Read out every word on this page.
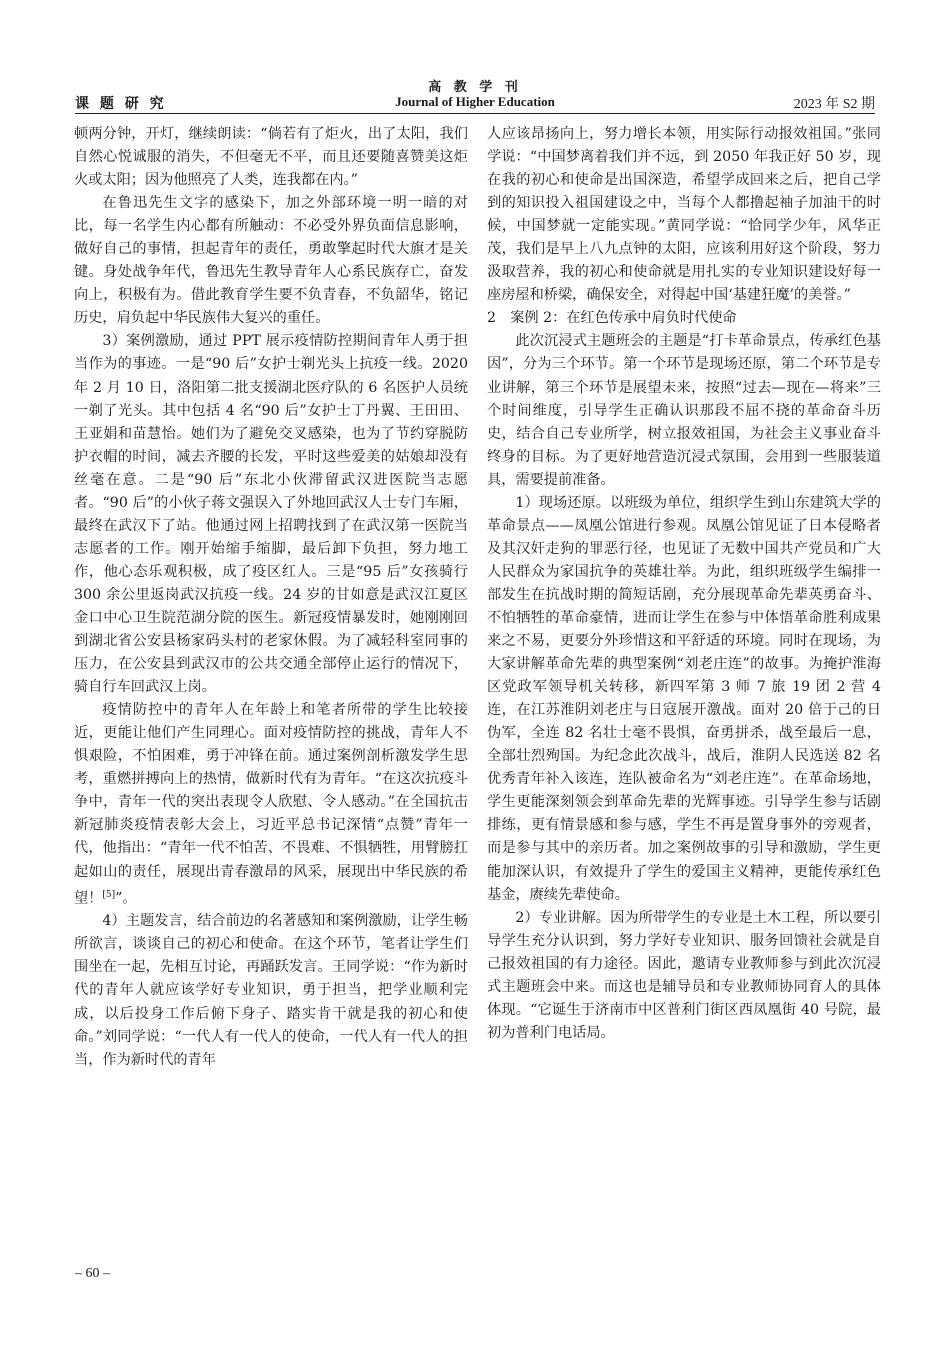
高 教 学 刊
课 题 研 究	Journal of Higher Education	2023 年 S2 期

顿两分钟，开灯，继续朗读：“倘若有了炬火，出了太阳，我们自然心悦诚服的消失，不但毫无不平，而且还要随喜赞美这炬火或太阳；因为他照亮了人类，连我都在内。”

在鲁迅先生文字的感染下，加之外部环境一明一暗的对比，每一名学生内心都有所触动：不必受外界负面信息影响，做好自己的事情，担起青年的责任，勇敢擎起时代大旗才是关键。身处战争年代，鲁迅先生教导青年人心系民族存亡，奋发向上，积极有为。借此教育学生要不负青春，不负韶华，铭记历史，肩负起中华民族伟大复兴的重任。

3）案例激励，通过 PPT 展示疫情防控期间青年人勇于担当作为的事迹。一是“90 后”女护士剃光头上抗疫一线。2020 年 2 月 10 日，洛阳第二批支援湖北医疗队的 6 名医护人员统一剃了光头。其中包括 4 名“90 后”女护士丁丹翼、王田田、王亚娟和苗慧怡。她们为了避免交叉感染，也为了节约穿脱防护衣帽的时间，减去齐腰的长发，平时这些爱美的姑娘却没有丝毫在意。二是“90 后”东北小伙滞留武汉进医院当志愿者。“90 后”的小伙子蒋文强误入了外地回武汉人士专门车厢，最终在武汉下了站。他通过网上招聘找到了在武汉第一医院当志愿者的工作。刚开始缩手缩脚，最后卸下负担，努力地工作，他心态乐观积极，成了疫区红人。三是“95 后”女孩骑行 300 余公里返岗武汉抗疫一线。24 岁的甘如意是武汉江夏区金口中心卫生院范湖分院的医生。新冠疫情暴发时，她刚刚回到湖北省公安县杨家码头村的老家休假。为了减轻科室同事的压力，在公安县到武汉市的公共交通全部停止运行的情况下，骑自行车回武汉上岗。

疫情防控中的青年人在年龄上和笔者所带的学生比较接近，更能让他们产生同理心。面对疫情防控的挑战，青年人不惧艰险，不怕困难，勇于冲锋在前。通过案例剖析激发学生思考，重燃拼搏向上的热情，做新时代有为青年。“在这次抗疫斗争中，青年一代的突出表现令人欣慰、令人感动。”在全国抗击新冠肺炎疫情表彰大会上，习近平总书记深情“点赞”青年一代，他指出：“青年一代不怕苦、不畏难、不惧牺牲，用臂膀扛起如山的责任，展现出青春激昂的风采，展现出中华民族的希望！[5]”。

4）主题发言，结合前边的名著感知和案例激励，让学生畅所欲言，谈谈自己的初心和使命。在这个环节，笔者让学生们围坐在一起，先相互讨论，再踊跃发言。王同学说：“作为新时代的青年人就应该学好专业知识，勇于担当，把学业顺利完成，以后投身工作后俯下身子、踏实肯干就是我的初心和使命。”刘同学说：“一代人有一代人的使命，一代人有一代人的担当，作为新时代的青年

人应该昂扬向上，努力增长本领，用实际行动报效祖国。”张同学说：“中国梦离着我们并不远，到 2050 年我正好 50 岁，现在我的初心和使命是出国深造，希望学成回来之后，把自己学到的知识投入祖国建设之中，当每个人都撸起袖子加油干的时候，中国梦就一定能实现。”黄同学说：“恰同学少年，风华正茂，我们是早上八九点钟的太阳，应该利用好这个阶段，努力汲取营养，我的初心和使命就是用扎实的专业知识建设好每一座房屋和桥梁，确保安全，对得起中国‘基建狂魔’的美誉。”

2　案例 2：在红色传承中肩负时代使命

此次沉浸式主题班会的主题是“打卡革命景点，传承红色基因”，分为三个环节。第一个环节是现场还原，第二个环节是专业讲解，第三个环节是展望未来，按照“过去—现在—将来”三个时间维度，引导学生正确认识那段不屈不挠的革命奋斗历史，结合自己专业所学，树立报效祖国，为社会主义事业奋斗终身的目标。为了更好地营造沉浸式氛围，会用到一些服装道具，需要提前准备。

1）现场还原。以班级为单位，组织学生到山东建筑大学的革命景点——凤凰公馆进行参观。凤凰公馆见证了日本侵略者及其汉奸走狗的罪恶行径，也见证了无数中国共产党员和广大人民群众为家国抗争的英雄壮举。为此，组织班级学生编排一部发生在抗战时期的简短话剧，充分展现革命先辈英勇奋斗、不怕牺牲的革命豪情，进而让学生在参与中体悟革命胜利成果来之不易，更要分外珍惜这和平舒适的环境。同时在现场，为大家讲解革命先辈的典型案例“刘老庄连”的故事。为掩护淮海区党政军领导机关转移，新四军第 3 师 7 旅 19 团 2 营 4 连，在江苏淮阴刘老庄与日寇展开激战。面对 20 倍于己的日伪军，全连 82 名壮士毫不畏惧，奋勇拼杀，战至最后一息，全部壮烈殉国。为纪念此次战斗，战后，淮阴人民选送 82 名优秀青年补入该连，连队被命名为“刘老庄连”。在革命场地，学生更能深刻领会到革命先辈的光辉事迹。引导学生参与话剧排练，更有情景感和参与感，学生不再是置身事外的旁观者，而是参与其中的亲历者。加之案例故事的引导和激励，学生更能加深认识，有效提升了学生的爱国主义精神，更能传承红色基金，赓续先辈使命。

2）专业讲解。因为所带学生的专业是土木工程，所以要引导学生充分认识到，努力学好专业知识、服务回馈社会就是自己报效祖国的有力途径。因此，邀请专业教师参与到此次沉浸式主题班会中来。而这也是辅导员和专业教师协同育人的具体体现。“它诞生于济南市中区普利门街区西凤凰街 40 号院，最初为普利门电话局。

– 60 –
